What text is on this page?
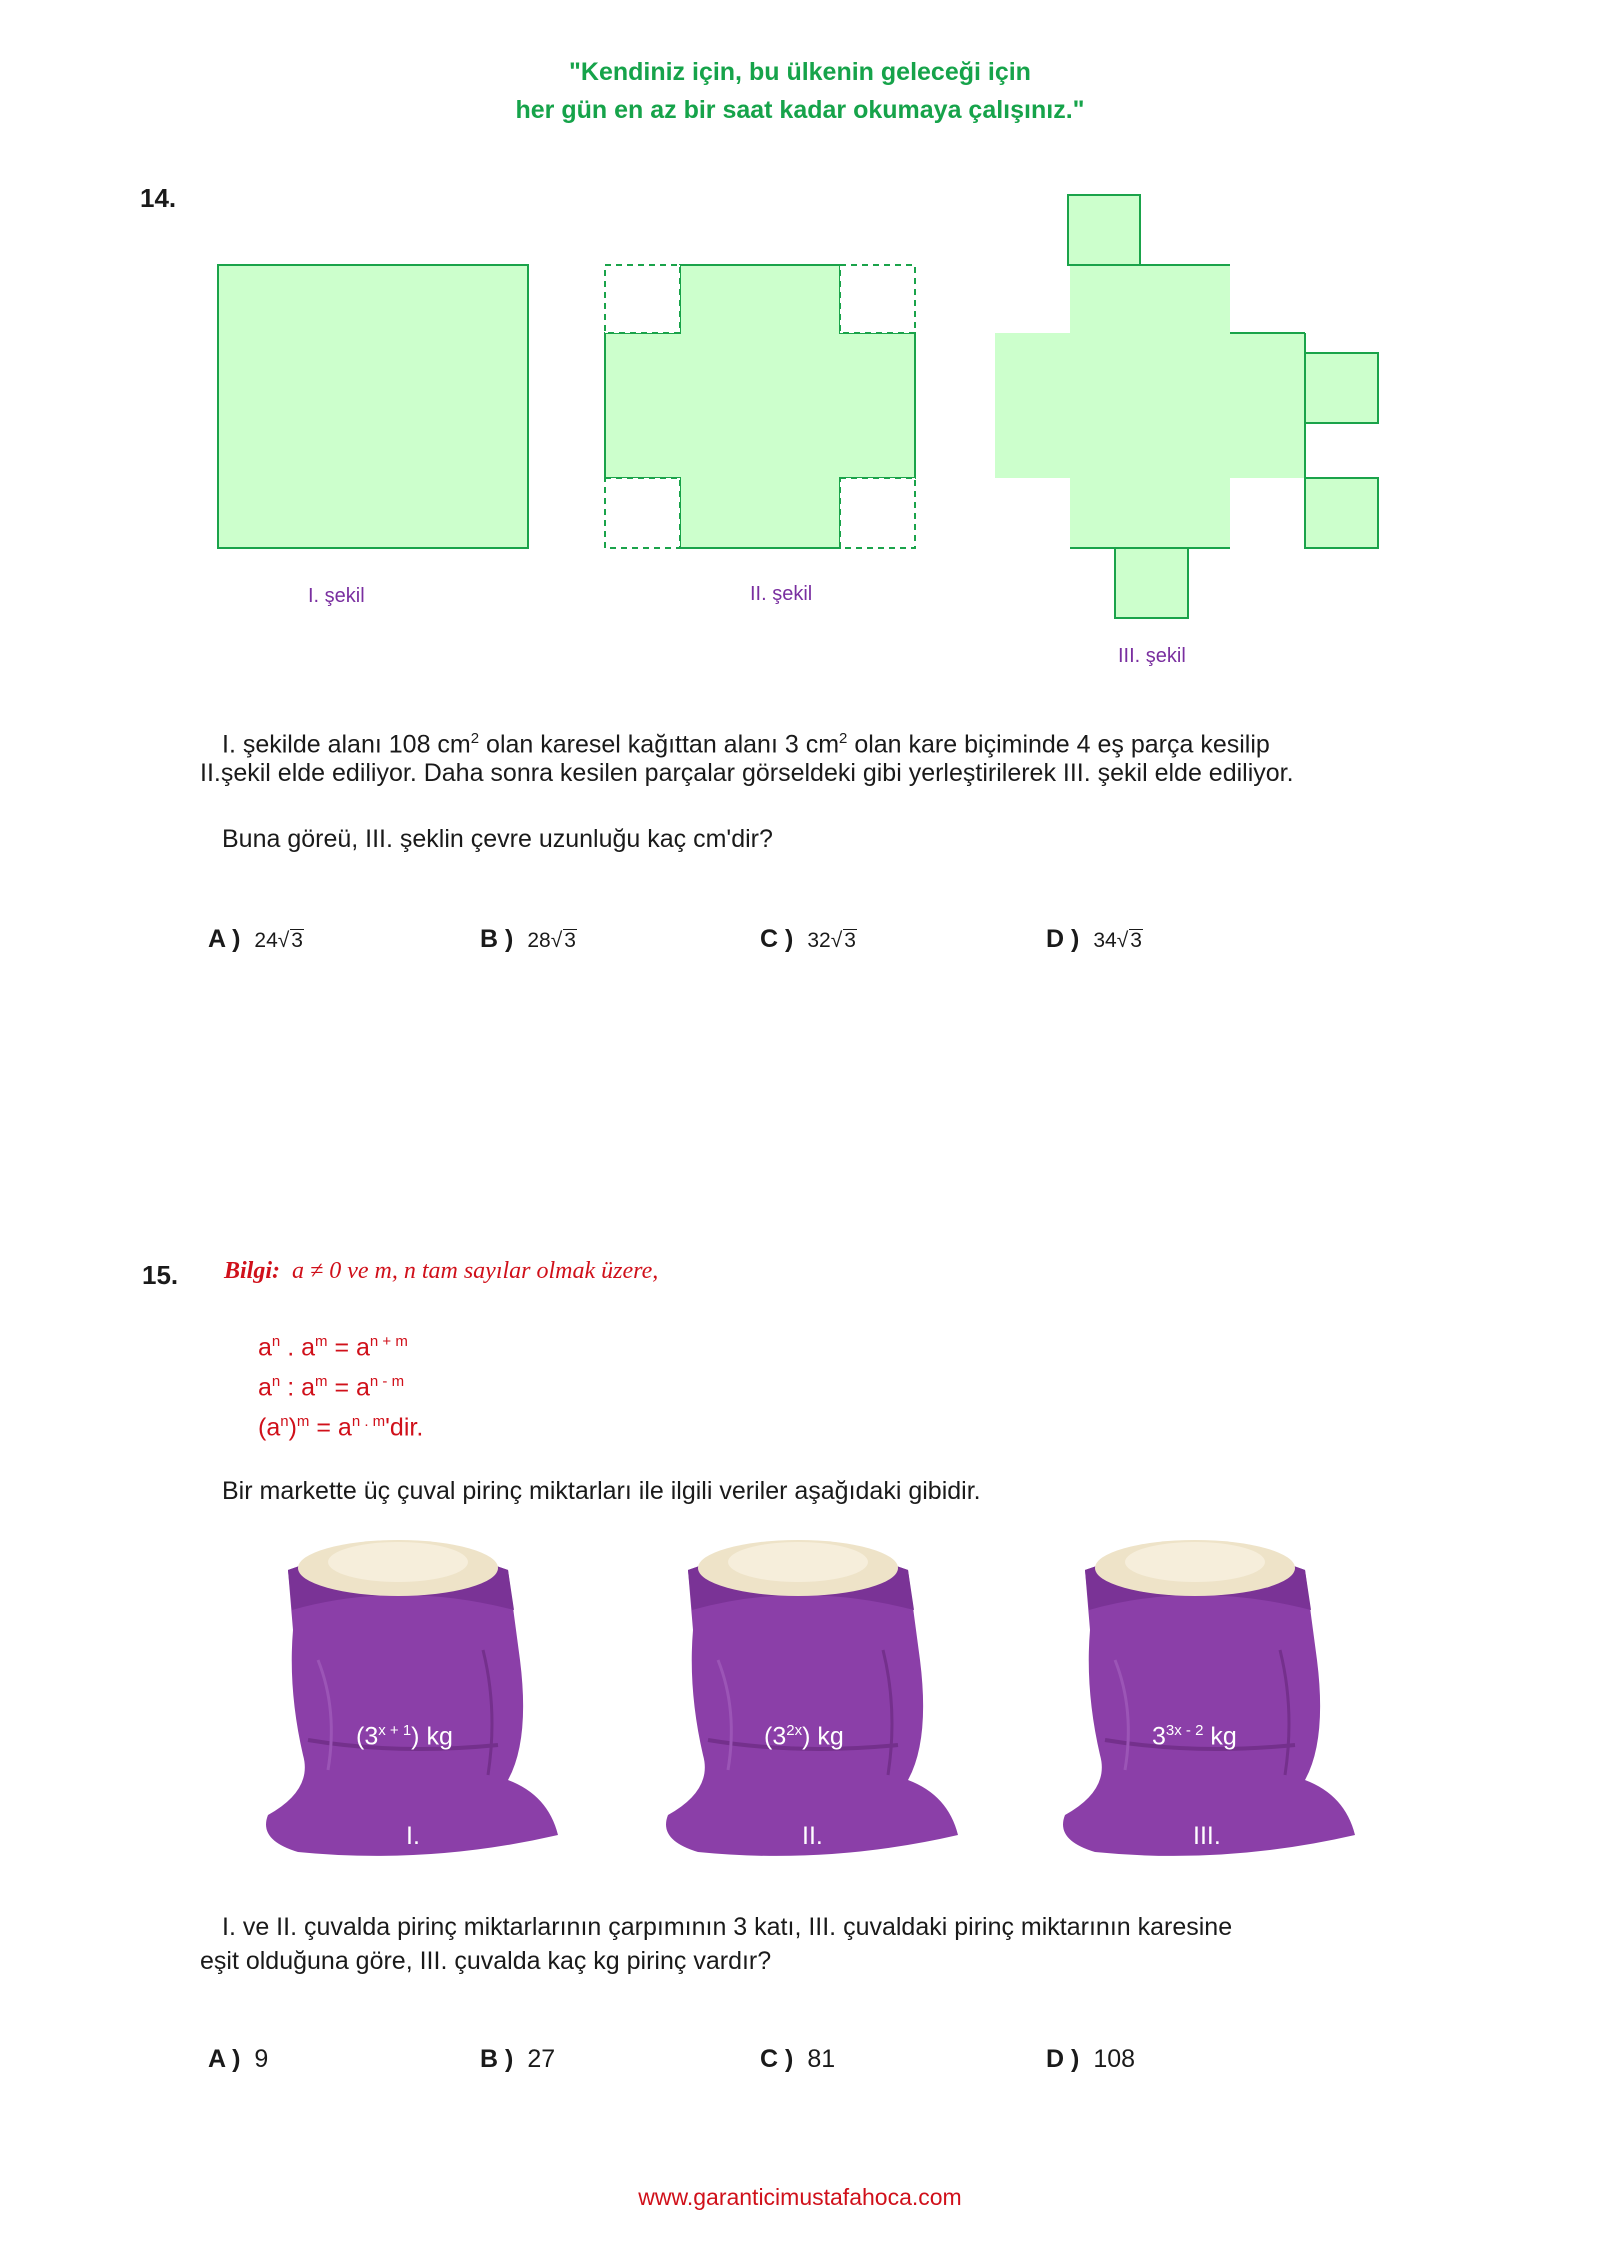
"Kendiniz için, bu ülkenin geleceği için
her gün en az bir saat kadar okumaya çalışınız."
14.
I. şekil	II. şekil
III. şekil
I. şekilde alanı 108 $cm^2$ olan karesel kağıttan alanı 3 $cm^2$ olan kare biçiminde 4 eş parça kesilip
II.şekil elde ediliyor. Daha sonra kesilen parçalar görseldeki gibi yerleştirilerek III. şekil elde ediliyor.
Buna göreü, III. şeklin çevre uzunluğu kaç cm'dir?
A ) 24√3	B ) 28√3	C ) 32√3	D ) 34√3
15. Bilgi: a ≠ 0 ve m, n tam sayılar olmak üzere,
$a^n$ . $a^m = a^{n + m}$
$a^n$ : $a^m = a^{n - m}$
$(a^n)^m = a^{n . m}'dir$.
Bir markette üç çuval pirinç miktarları ile ilgili veriler aşağıdaki gibidir.
$(3^{x + 1})$ kg
I.
$(3^{2x})$ kg
II.
$3^{3x - 2}$ kg
III.
I. ve II. çuvalda pirinç miktarlarının çarpımının 3 katı, III. çuvaldaki pirinç miktarının karesine
eşit olduğuna göre, III. çuvalda kaç kg pirinç vardır?
A ) 9	B ) 27	C ) 81	D ) 108
www.garanticimustafahoca.com
